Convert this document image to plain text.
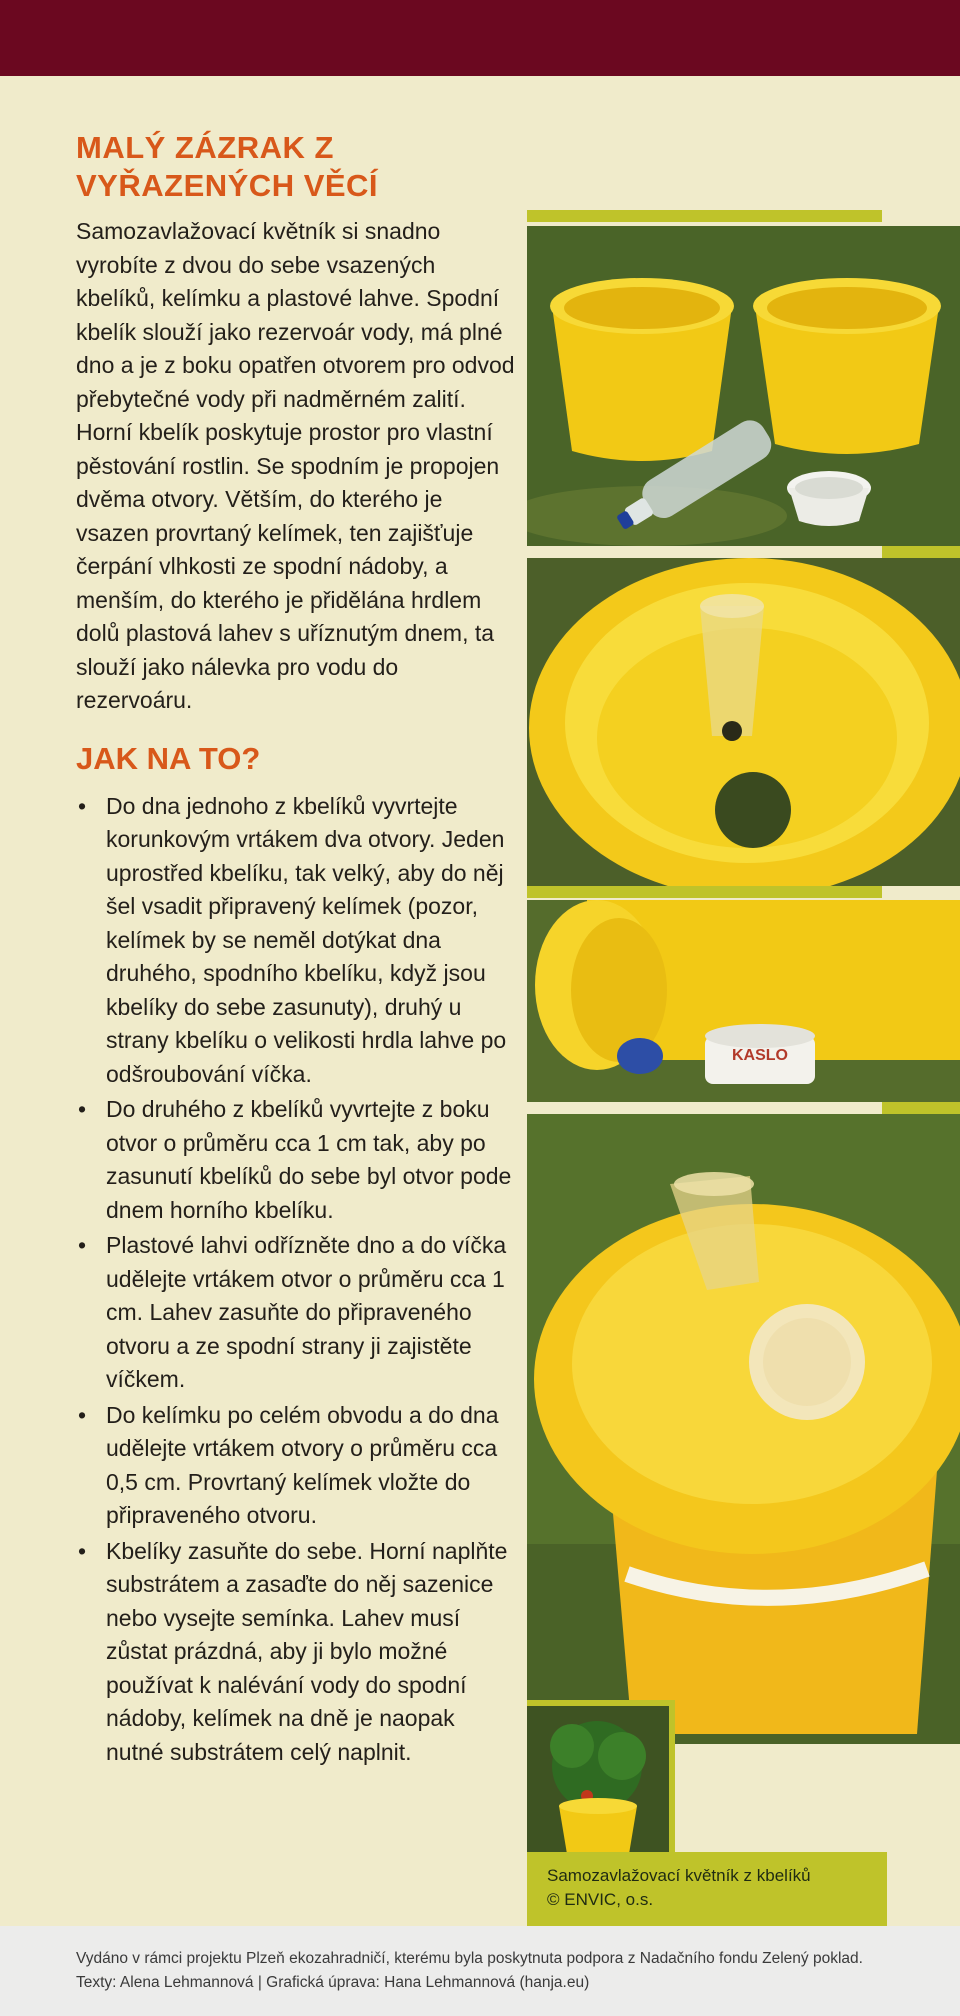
MALÝ ZÁZRAK Z VYŘAZENÝCH VĚCÍ

Samozavlažovací květník si snadno vyrobíte z dvou do sebe vsazených kbelíků, kelímku a plastové lahve. Spodní kbelík slouží jako rezervoár vody, má plné dno a je z boku opatřen otvorem pro odvod přebytečné vody při nadměrném zalití. Horní kbelík poskytuje prostor pro vlastní pěstování rostlin. Se spodním je propojen dvěma otvory. Větším, do kterého je vsazen provrtaný kelímek, ten zajišťuje čerpání vlhkosti ze spodní nádoby, a menším, do kterého je přidělána hrdlem dolů plastová lahev s uříznutým dnem, ta slouží jako nálevka pro vodu do rezervoáru.

JAK NA TO?
• Do dna jednoho z kbelíků vyvrtejte korunkovým vrtákem dva otvory. Jeden uprostřed kbelíku, tak velký, aby do něj šel vsadit připravený kelímek (pozor, kelímek by se neměl dotýkat dna druhého, spodního kbelíku, když jsou kbelíky do sebe zasunuty), druhý u strany kbelíku o velikosti hrdla lahve po odšroubování víčka.
• Do druhého z kbelíků vyvrtejte z boku otvor o průměru cca 1 cm tak, aby po zasunutí kbelíků do sebe byl otvor pode dnem horního kbelíku.
• Plastové lahvi odřízněte dno a do víčka udělejte vrtákem otvor o průměru cca 1 cm. Lahev zasuňte do připraveného otvoru a ze spodní strany ji zajistěte víčkem.
• Do kelímku po celém obvodu a do dna udělejte vrtákem otvory o průměru cca 0,5 cm. Provrtaný kelímek vložte do připraveného otvoru.
• Kbelíky zasuňte do sebe. Horní naplňte substrátem a zasaďte do něj sazenice nebo vysejte semínka. Lahev musí zůstat prázdná, aby ji bylo možné používat k nalévání vody do spodní nádoby, kelímek na dně je naopak nutné substrátem celý naplnit.
KASLO
Samozavlažovací květník z kbelíků
© ENVIC, o.s.

Vydáno v rámci projektu Plzeň ekozahradničí, kterému byla poskytnuta podpora z Nadačního fondu Zelený poklad.

Texty: Alena Lehmannová | Grafická úprava: Hana Lehmannová (hanja.eu)
